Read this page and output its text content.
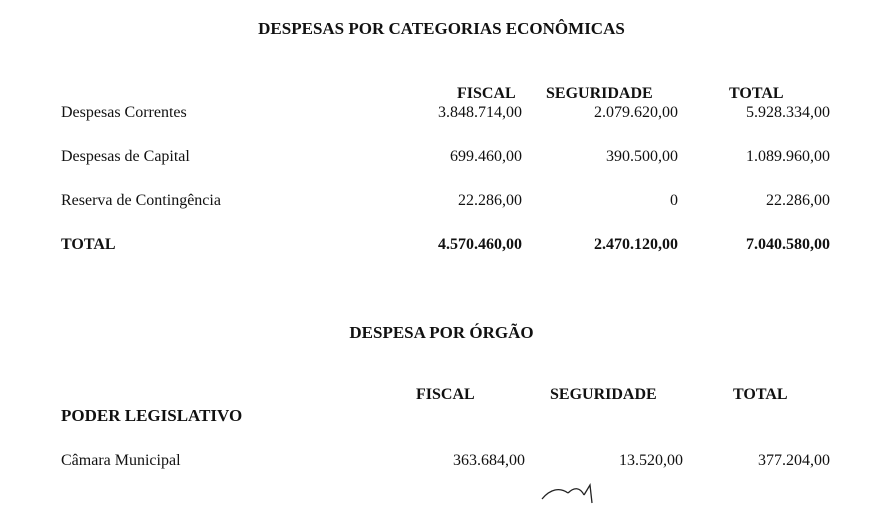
DESPESAS POR CATEGORIAS ECONÔMICAS
FISCAL SEGURIDADE	TOTAL
Despesas Correntes	3.848.714,00	2.079.620,00	5.928.334,00
Despesas de Capital	699.460,00	390.500,00	1.089.960,00
Reserva de Contingência	22.286,00	0	22.286,00
TOTAL	4.570.460,00	2.470.120,00	7.040.580,00
DESPESA POR ÓRGÃO
FISCAL	SEGURIDADE	TOTAL
PODER LEGISLATIVO
Câmara Municipal	363.684,00	13.520,00	377.204,00
